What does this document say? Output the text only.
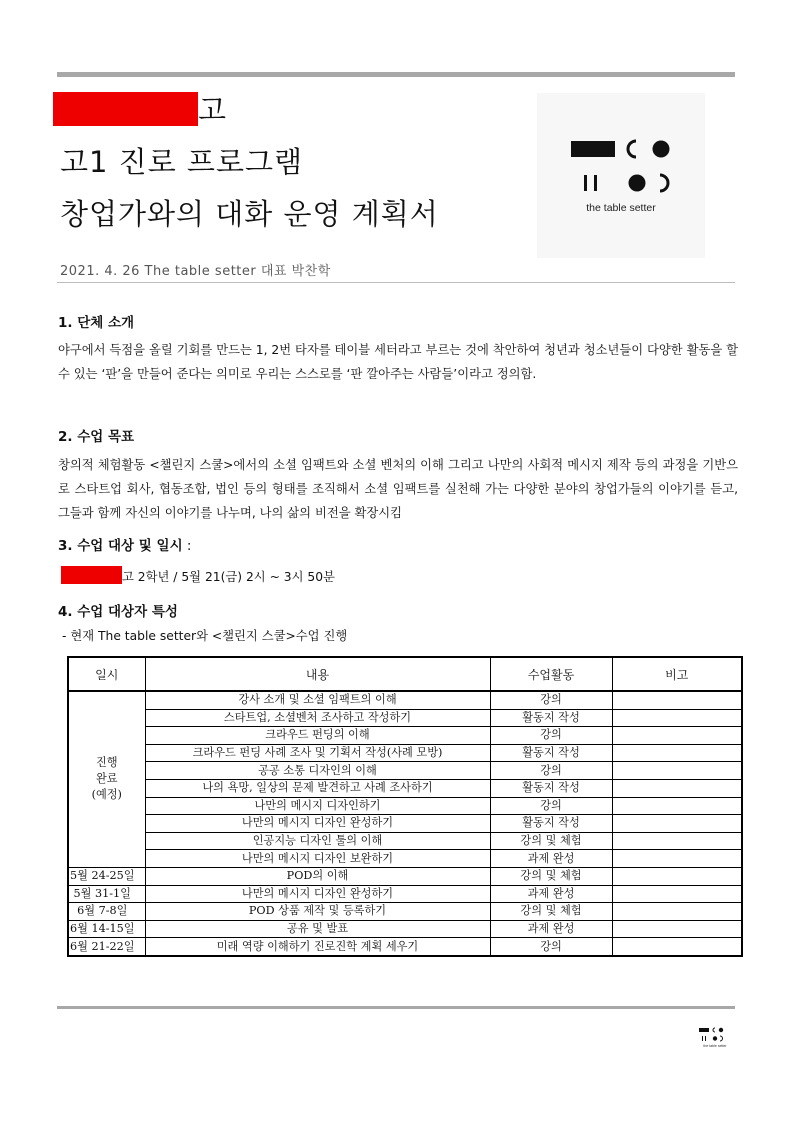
고
고1 진로 프로그램
창업가와의 대화 운영 계획서	the table setter
2021. 4. 26 The table setter 대표 박찬학
1. 단체 소개
야구에서 득점을 올릴 기회를 만드는 1, 2번 타자를 테이블 세터라고 부르는 것에 착안하여 청년과 청소년들이 다양한 활동을 할 수 있는 ‘판’을 만들어 준다는 의미로 우리는 스스로를 ‘판 깔아주는 사람들’이라고 정의함.
2. 수업 목표
창의적 체험활동 <챌린지 스쿨>에서의 소셜 임팩트와 소셜 벤처의 이해 그리고 나만의 사회적 메시지 제작 등의 과정을 기반으로 스타트업 회사, 협동조합, 법인 등의 형태를 조직해서 소셜 임팩트를 실천해 가는 다양한 분야의 창업가들의 이야기를 듣고, 그들과 함께 자신의 이야기를 나누며, 나의 삶의 비전을 확장시킴
3. 수업 대상 및 일시 :
고 2학년 / 5월 21(금) 2시 ~ 3시 50분
4. 수업 대상자 특성
- 현재 The table setter와 <챌린지 스쿨>수업 진행
일시	내용	수업활동	비고
진행
완료
(예정)	강사 소개 및 소셜 임팩트의 이해	강의	
	스타트업, 소셜벤처 조사하고 작성하기	활동지 작성	
	크라우드 펀딩의 이해	강의	
	크라우드 펀딩 사례 조사 및 기획서 작성(사례 모방)	활동지 작성	
	공공 소통 디자인의 이해	강의	
	나의 욕망, 일상의 문제 발견하고 사례 조사하기	활동지 작성	
	나만의 메시지 디자인하기	강의	
	나만의 메시지 디자인 완성하기	활동지 작성	
	인공지능 디자인 툴의 이해	강의 및 체험	
	나만의 메시지 디자인 보완하기	과제 완성	
5월 24-25일	POD의 이해	강의 및 체험	
5월 31-1일	나만의 메시지 디자인 완성하기	과제 완성	
6월 7-8일	POD 상품 제작 및 등록하기	강의 및 체험	
6월 14-15일	공유 및 발표	과제 완성	
6월 21-22일	미래 역량 이해하기 진로진학 계획 세우기	강의	
the table setter
